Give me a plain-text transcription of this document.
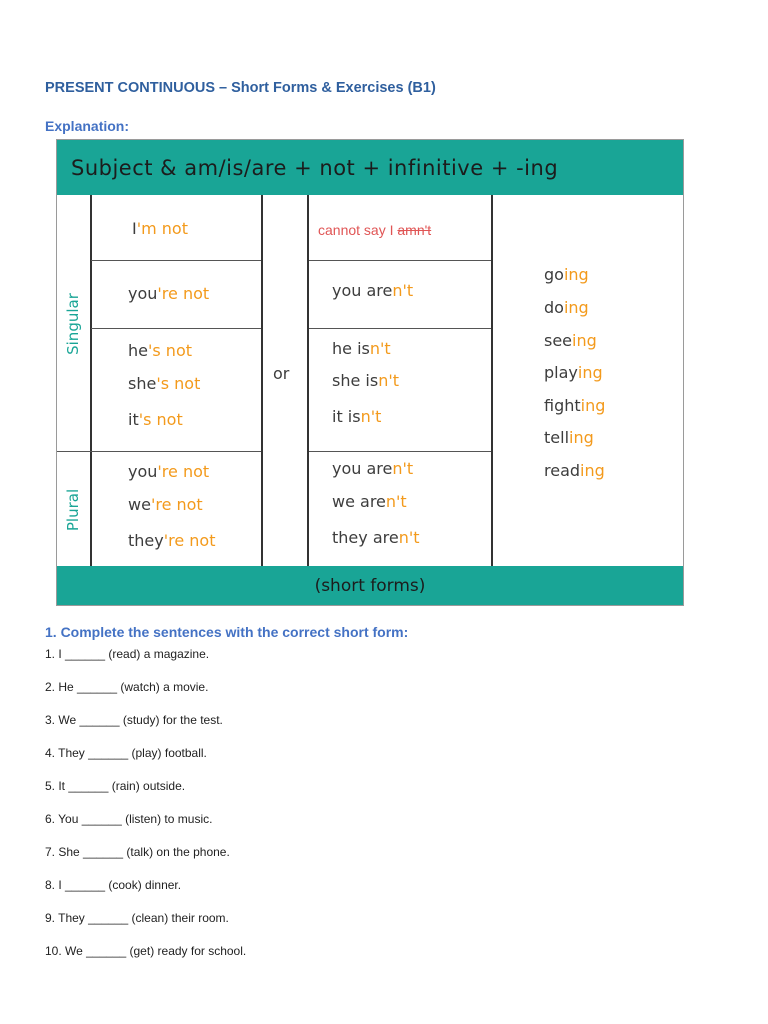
PRESENT CONTINUOUS – Short Forms & Exercises (B1)
Explanation:
Subject & am/is/are + not + infinitive + -ing
Singular
Plural
I'm not
you're not
he's not
she's not
it's not
you're not
we're not
they're not
or
cannot say I amn't
you aren't
he isn't
she isn't
it isn't
you aren't
we aren't
they aren't
going
doing
seeing
playing
fighting
telling
reading
(short forms)
1. Complete the sentences with the correct short form:
1. I ______ (read) a magazine.
2. He ______ (watch) a movie.
3. We ______ (study) for the test.
4. They ______ (play) football.
5. It ______ (rain) outside.
6. You ______ (listen) to music.
7. She ______ (talk) on the phone.
8. I ______ (cook) dinner.
9. They ______ (clean) their room.
10. We ______ (get) ready for school.
